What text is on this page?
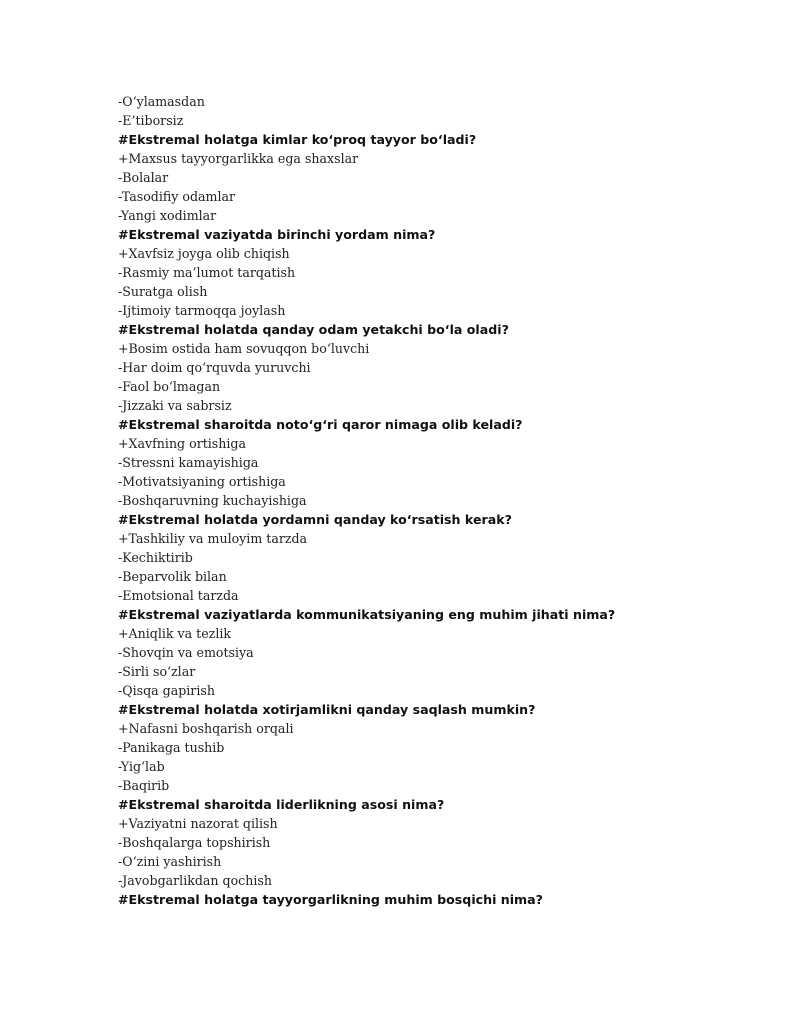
-O‘ylamasdan
-E’tiborsiz
#Ekstremal holatga kimlar ko‘proq tayyor bo‘ladi?
+Maxsus tayyorgarlikka ega shaxslar
-Bolalar
-Tasodifiy odamlar
-Yangi xodimlar
#Ekstremal vaziyatda birinchi yordam nima?
+Xavfsiz joyga olib chiqish
-Rasmiy ma’lumot tarqatish
-Suratga olish
-Ijtimoiy tarmoqqa joylash
#Ekstremal holatda qanday odam yetakchi bo‘la oladi?
+Bosim ostida ham sovuqqon bo‘luvchi
-Har doim qo‘rquvda yuruvchi
-Faol bo‘lmagan
-Jizzaki va sabrsiz
#Ekstremal sharoitda noto‘g‘ri qaror nimaga olib keladi?
+Xavfning ortishiga
-Stressni kamayishiga
-Motivatsiyaning ortishiga
-Boshqaruvning kuchayishiga
#Ekstremal holatda yordamni qanday ko‘rsatish kerak?
+Tashkiliy va muloyim tarzda
-Kechiktirib
-Beparvolik bilan
-Emotsional tarzda
#Ekstremal vaziyatlarda kommunikatsiyaning eng muhim jihati nima?
+Aniqlik va tezlik
-Shovqin va emotsiya
-Sirli so‘zlar
-Qisqa gapirish
#Ekstremal holatda xotirjamlikni qanday saqlash mumkin?
+Nafasni boshqarish orqali
-Panikaga tushib
-Yig‘lab
-Baqirib
#Ekstremal sharoitda liderlikning asosi nima?
+Vaziyatni nazorat qilish
-Boshqalarga topshirish
-O‘zini yashirish
-Javobgarlikdan qochish
#Ekstremal holatga tayyorgarlikning muhim bosqichi nima?
